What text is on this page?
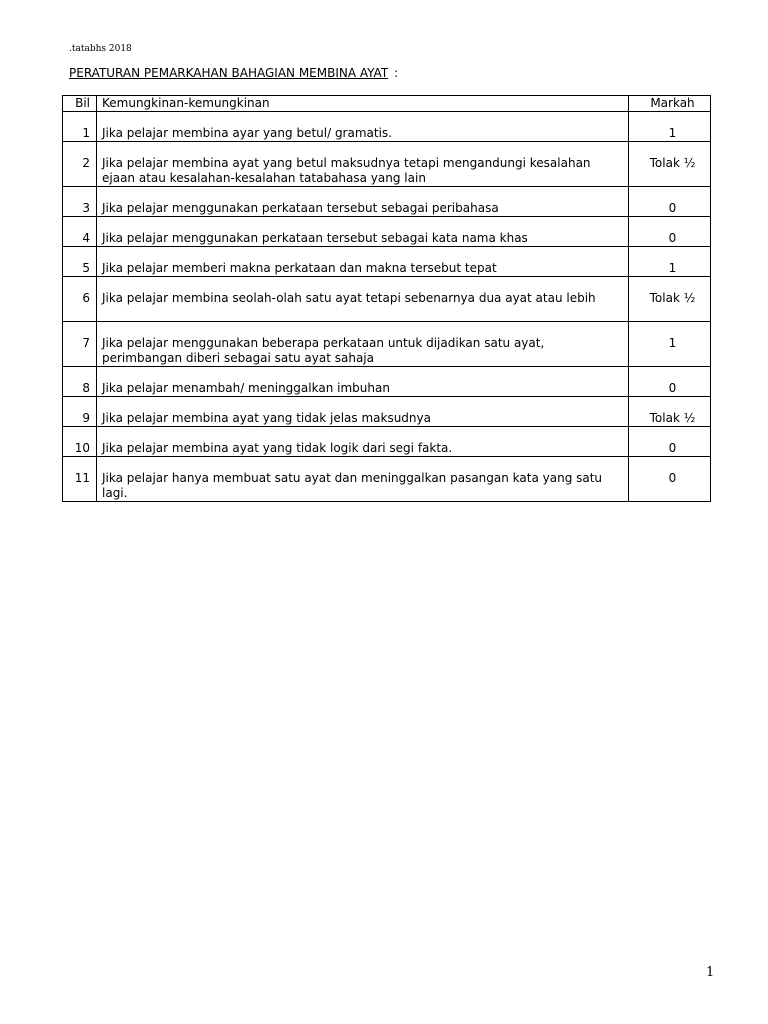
.tatabhs 2018
PERATURAN PEMARKAHAN BAHAGIAN MEMBINA AYAT :
Bil	Kemungkinan-kemungkinan	Markah
1	Jika pelajar membina ayar yang betul/ gramatis.	1
2	Jika pelajar membina ayat yang betul maksudnya tetapi mengandungi kesalahan ejaan atau kesalahan-kesalahan tatabahasa yang lain	Tolak ½
3	Jika pelajar menggunakan perkataan tersebut sebagai peribahasa	0
4	Jika pelajar menggunakan perkataan tersebut sebagai kata nama khas	0
5	Jika pelajar memberi makna perkataan dan makna tersebut tepat	1
6	Jika pelajar membina seolah-olah satu ayat tetapi sebenarnya dua ayat atau lebih	Tolak ½
7	Jika pelajar menggunakan beberapa perkataan untuk dijadikan satu ayat, perimbangan diberi sebagai satu ayat sahaja	1
8	Jika pelajar menambah/ meninggalkan imbuhan	0
9	Jika pelajar membina ayat yang tidak jelas maksudnya	Tolak ½
10	Jika pelajar membina ayat yang tidak logik dari segi fakta.	0
11	Jika pelajar hanya membuat satu ayat dan meninggalkan pasangan kata yang satu lagi.	0
1
